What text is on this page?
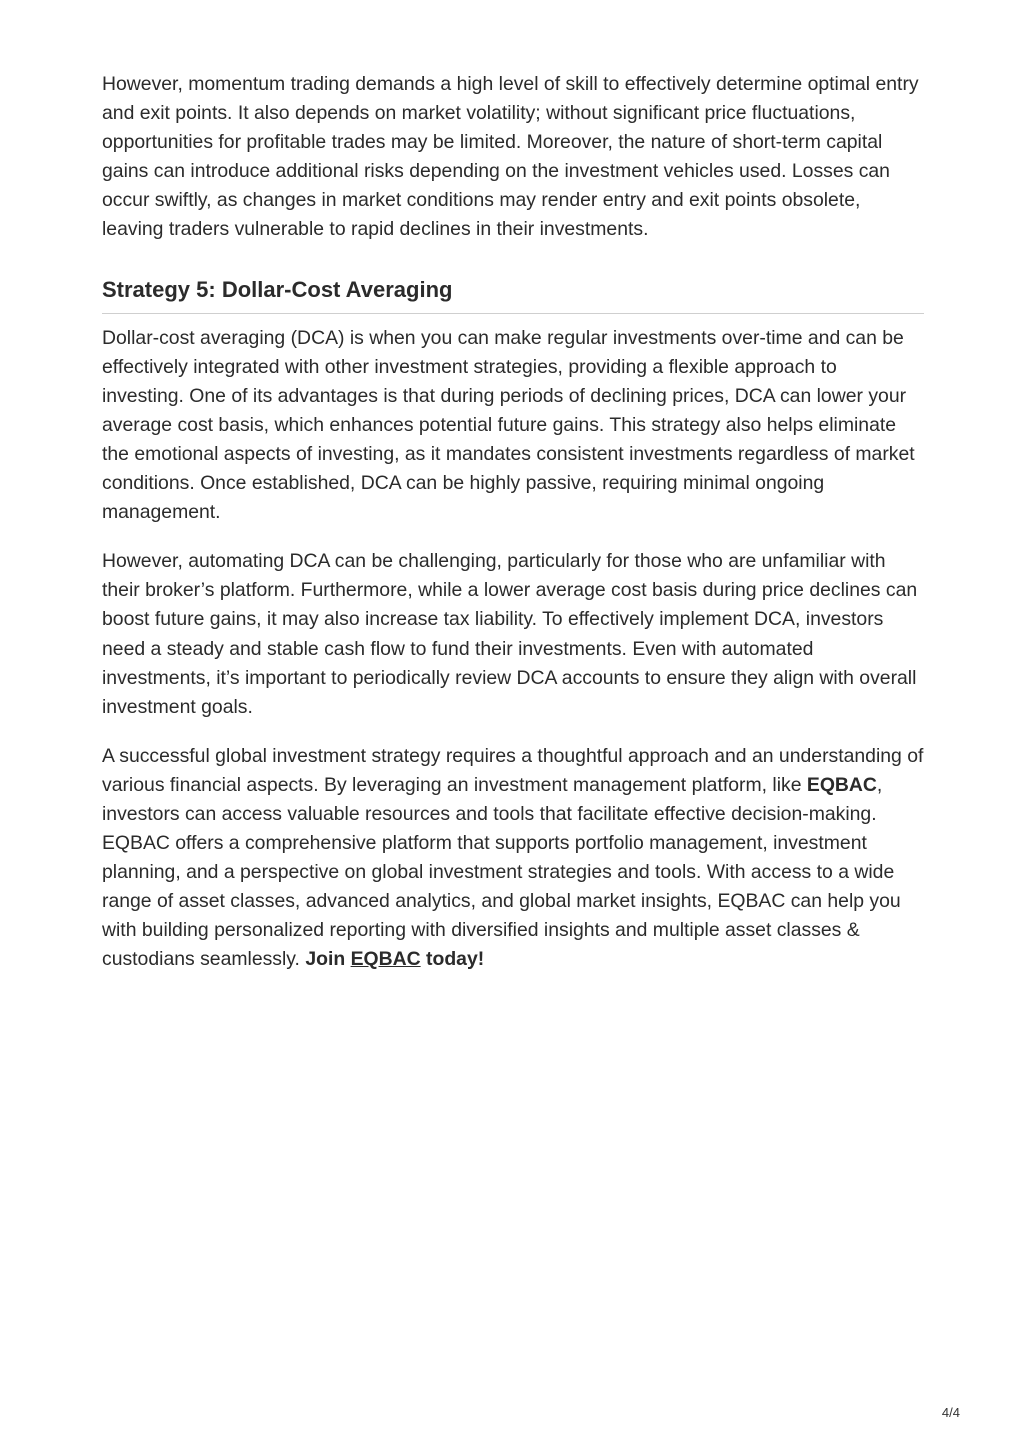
However, momentum trading demands a high level of skill to effectively determine optimal entry and exit points. It also depends on market volatility; without significant price fluctuations, opportunities for profitable trades may be limited. Moreover, the nature of short-term capital gains can introduce additional risks depending on the investment vehicles used. Losses can occur swiftly, as changes in market conditions may render entry and exit points obsolete, leaving traders vulnerable to rapid declines in their investments.

Strategy 5: Dollar-Cost Averaging

Dollar-cost averaging (DCA) is when you can make regular investments over-time and can be effectively integrated with other investment strategies, providing a flexible approach to investing. One of its advantages is that during periods of declining prices, DCA can lower your average cost basis, which enhances potential future gains. This strategy also helps eliminate the emotional aspects of investing, as it mandates consistent investments regardless of market conditions. Once established, DCA can be highly passive, requiring minimal ongoing management.

However, automating DCA can be challenging, particularly for those who are unfamiliar with their broker’s platform. Furthermore, while a lower average cost basis during price declines can boost future gains, it may also increase tax liability. To effectively implement DCA, investors need a steady and stable cash flow to fund their investments. Even with automated investments, it’s important to periodically review DCA accounts to ensure they align with overall investment goals.

A successful global investment strategy requires a thoughtful approach and an understanding of various financial aspects. By leveraging an investment management platform, like EQBAC, investors can access valuable resources and tools that facilitate effective decision-making. EQBAC offers a comprehensive platform that supports portfolio management, investment planning, and a perspective on global investment strategies and tools. With access to a wide range of asset classes, advanced analytics, and global market insights, EQBAC can help you with building personalized reporting with diversified insights and multiple asset classes & custodians seamlessly. Join EQBAC today!

4/4
